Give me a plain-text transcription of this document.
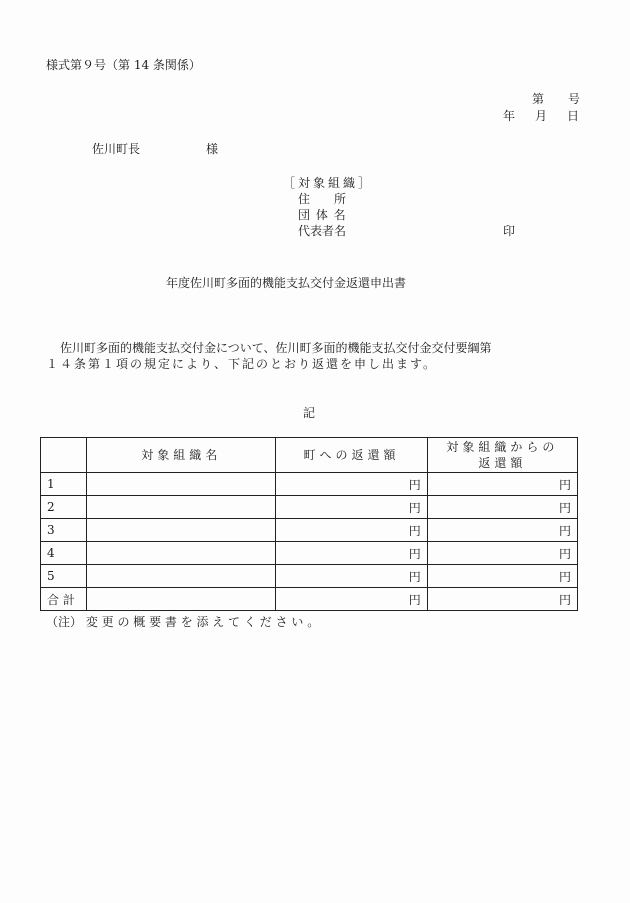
様式第９号（第 14 条関係）
第　　号
年　月　日
佐川町長	様
［対象組織］
住　　所
団 体 名
代表者名	印
年度佐川町多面的機能支払交付金返還申出書
佐川町多面的機能支払交付金について、佐川町多面的機能支払交付金交付要綱第
１４条第１項の規定により、下記のとおり返還を申し出ます。
記
	対象組織名	町への返還額	対象組織からの
返還額
1		円	円
2		円	円
3		円	円
4		円	円
5		円	円
合 計		円	円
（注） 変 更 の 概 要 書 を 添 え て く だ さ い 。
